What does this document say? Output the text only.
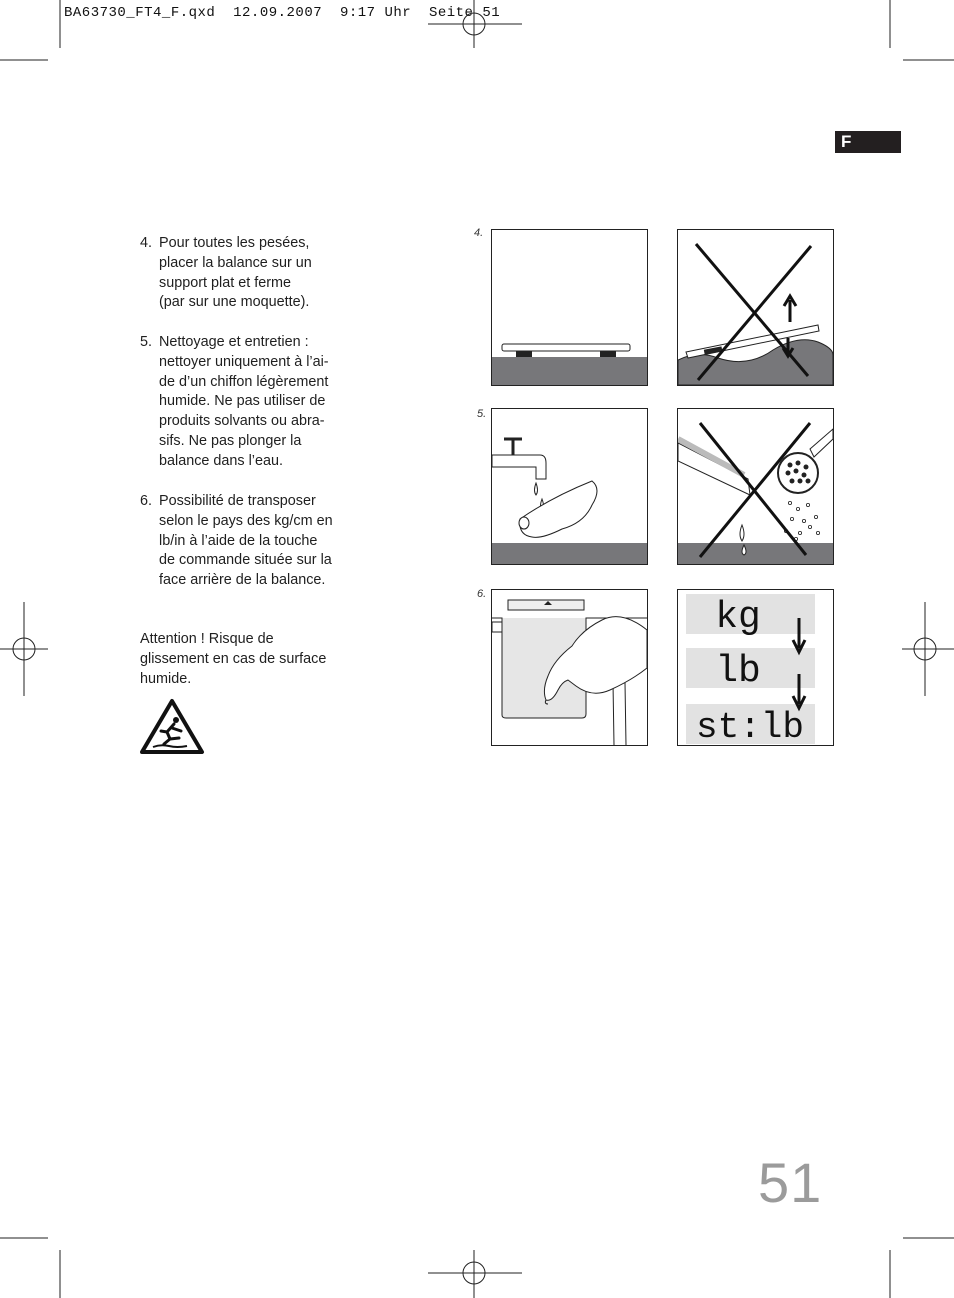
BA63730_FT4_F.qxd  12.09.2007  9:17 Uhr  Seite 51
F
4. Pour toutes les pesées,
placer la balance sur un
support plat et ferme
(par sur une moquette).
5. Nettoyage et entretien :
nettoyer uniquement à l’ai-
de d’un chiffon légèrement
humide. Ne pas utiliser de
produits solvants ou abra-
sifs. Ne pas plonger la
balance dans l’eau.
6. Possibilité de transposer
selon le pays des kg/cm en
lb/in à l’aide de la touche
de commande située sur la
face arrière de la balance.
Attention ! Risque de
glissement en cas de surface
humide.
4.
5.
6.
kg
lb
st:lb
51
